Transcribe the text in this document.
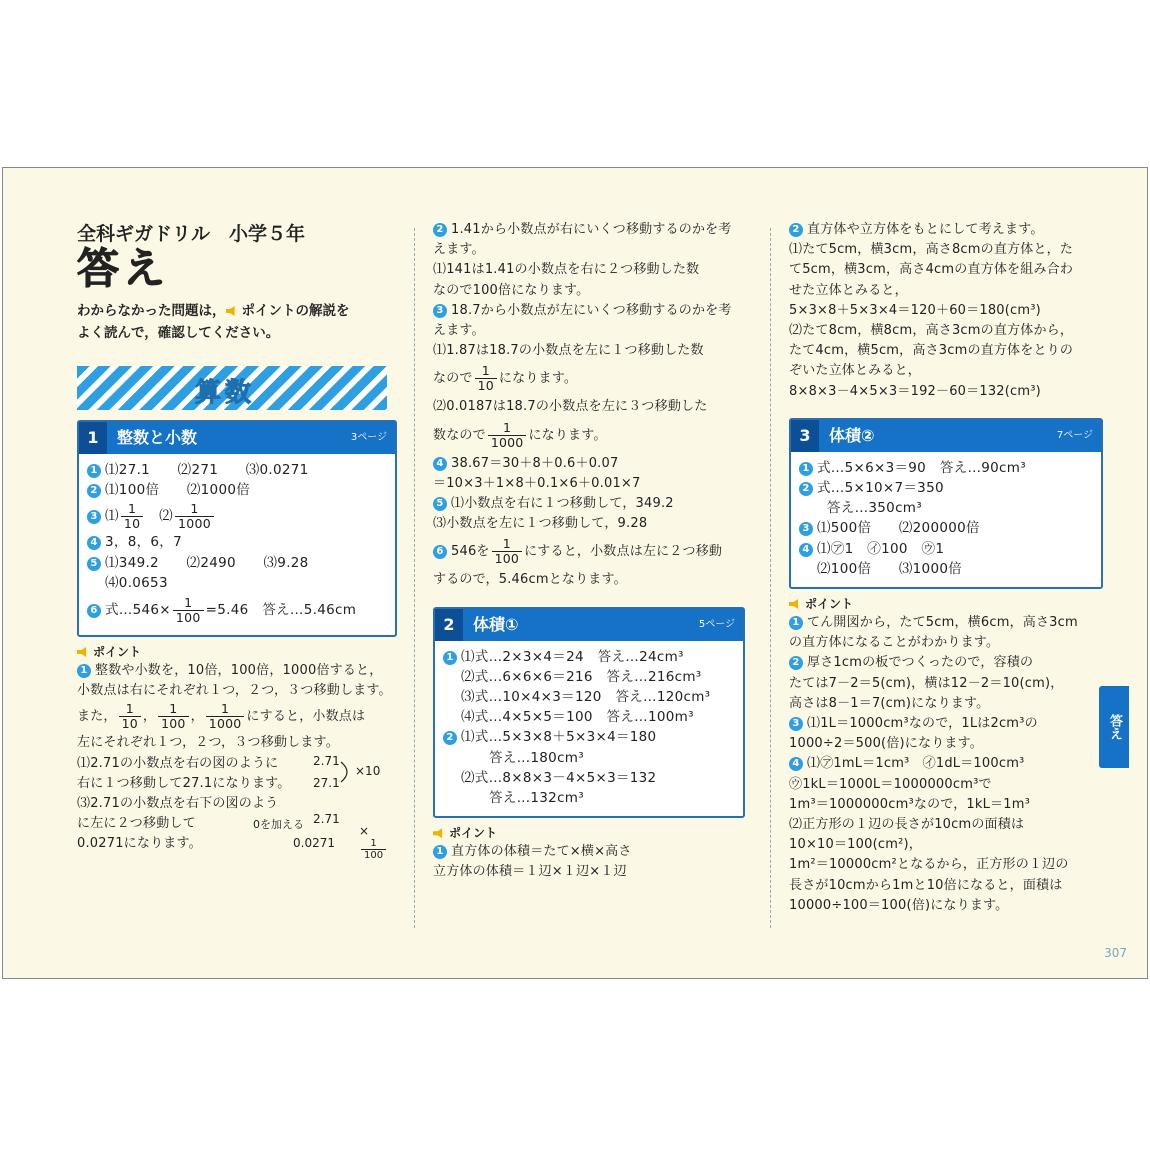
全科ギガドリル　小学５年
答え
わからなかった問題は， ポイントの解説を
よく読んで，確認してください。
算数
1	整数と小数	3ページ
1 ⑴27.1　　⑵271　　⑶0.0271
2 ⑴100倍　　⑵1000倍
3 ⑴ $\frac{1}{10}$
　 ⑵ $\frac{1}{1000}$
4 3，8，6，7
5 ⑴349.2　　⑵2490　　⑶9.28
⑷0.0653
6 式…546× $\frac{1}{100} =5.46$　答え…5.46cm
ポイント
1 整数や小数を，10倍，100倍，1000倍すると，
小数点は右にそれぞれ１つ，２つ，３つ移動します。
また， $\frac{1}{10}$ ， $\frac{1}{100}$ ， $\frac{1}{1000}$ にすると，小数点は
左にそれぞれ１つ，２つ，３つ移動します。
⑴2.71の小数点を右の図のように
右に１つ移動して27.1になります。
⑶2.71の小数点を右下の図のよう
に左に２つ移動して
0.0271になります。
2.71
27.1
×10
0を加える 2.71
0.0271
×
$\frac{1}{100}$
2 1.41から小数点が右にいくつ移動するのかを考
えます。
⑴141は1.41の小数点を右に２つ移動した数
なので100倍になります。
3 18.7から小数点が左にいくつ移動するのかを考
えます。
⑴1.87は18.7の小数点を左に１つ移動した数
なので $\frac{1}{10}$ になります。
⑵0.0187は18.7の小数点を左に３つ移動した
数なので $\frac{1}{1000}$ になります。
4 38.67＝30＋8＋0.6＋0.07
＝10×3＋1×8＋0.1×6＋0.01×7
5 ⑴小数点を右に１つ移動して，349.2
⑶小数点を左に１つ移動して，9.28
6 546を $\frac{1}{100}$ にすると，小数点は左に２つ移動
するので，5.46cmとなります。
2	体積①	5ページ
1 ⑴式…2×3×4＝24　答え…24cm³
⑵式…6×6×6＝216　答え…216cm³
⑶式…10×4×3＝120　答え…120cm³
⑷式…4×5×5＝100　答え…100m³
2 ⑴式…5×3×8＋5×3×4＝180
答え…180cm³
⑵式…8×8×3－4×5×3＝132
答え…132cm³
ポイント
1 直方体の体積＝たて×横×高さ
立方体の体積＝１辺×１辺×１辺
2 直方体や立方体をもとにして考えます。
⑴たて5cm，横3cm，高さ8cmの直方体と，た
て5cm，横3cm，高さ4cmの直方体を組み合わ
せた立体とみると，
5×3×8＋5×3×4＝120＋60＝180(cm³)
⑵たて8cm，横8cm，高さ3cmの直方体から，
たて4cm，横5cm，高さ3cmの直方体をとりの
ぞいた立体とみると，
8×8×3－4×5×3＝192－60＝132(cm³)
3	体積②	7ページ
1 式…5×6×3＝90　答え…90cm³
2 式…5×10×7＝350
答え…350cm³
3 ⑴500倍　　⑵200000倍
4 ⑴㋐1　㋑100　㋒1
⑵100倍　　⑶1000倍
ポイント
1 てん開図から，たて5cm，横6cm，高さ3cm
の直方体になることがわかります。
2 厚さ1cmの板でつくったので，容積の
たては7－2＝5(cm)，横は12－2＝10(cm)，
高さは8－1＝7(cm)になります。
3 ⑴1L＝1000cm³なので，1Lは2cm³の
1000÷2＝500(倍)になります。
4 ⑴㋐1mL＝1cm³　㋑1dL＝100cm³
㋒1kL＝1000L＝1000000cm³で
1m³＝1000000cm³なので，1kL＝1m³
⑵正方形の１辺の長さが10cmの面積は
10×10＝100(cm²)，
1m²＝10000cm²となるから，正方形の１辺の
長さが10cmから1mと10倍になると，面積は
10000÷100＝100(倍)になります。
答え
307
